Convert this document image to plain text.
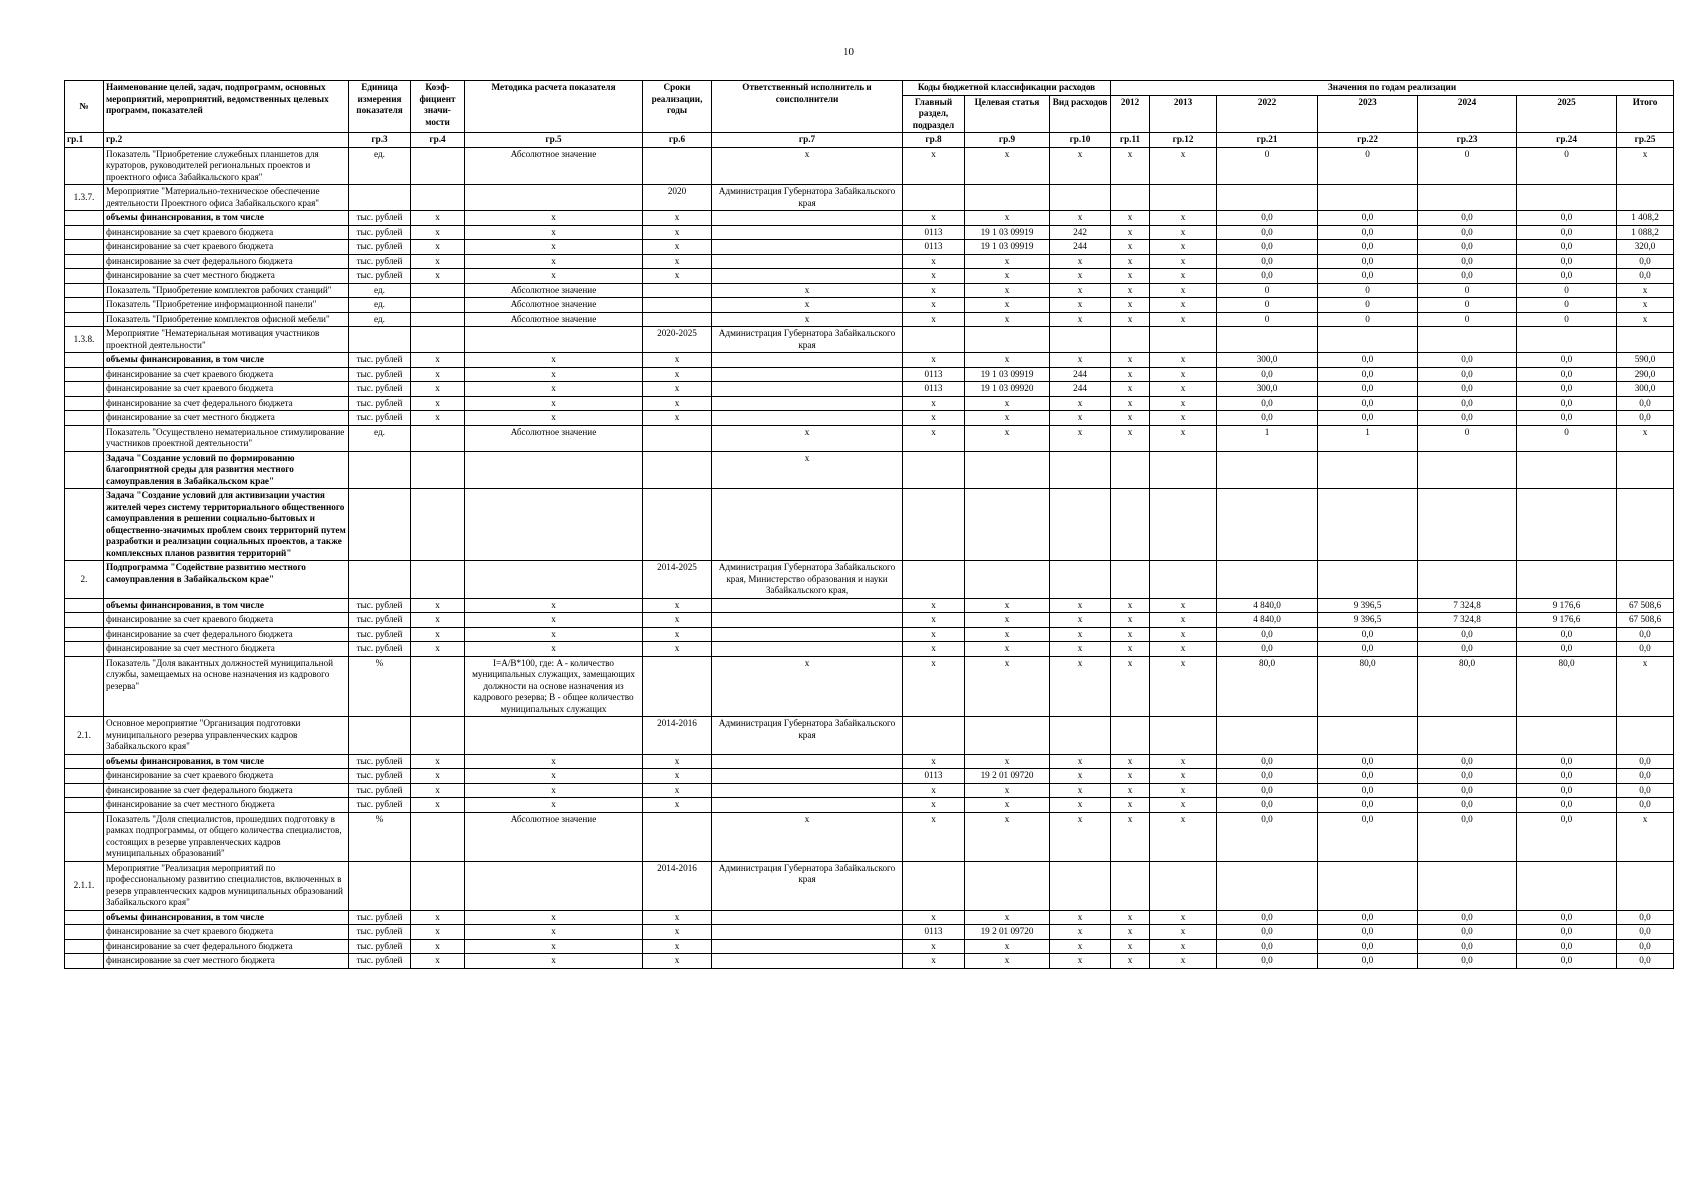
10
№	Наименование целей, задач, подпрограмм, основных мероприятий, мероприятий, ведомственных целевых программ, показателей	Единица измерения показателя	Коэф-фициент значи-мости	Методика расчета показателя	Сроки реализации, годы	Ответственный исполнитель и соисполнители	Коды бюджетной классификации расходов			Значения по годам реализации						
							Главный раздел, подраздел	Целевая статья	Вид расходов	2012	2013	2022	2023	2024	2025	Итого
гр.1	гр.2	гр.3	гр.4	гр.5	гр.6	гр.7	гр.8	гр.9	гр.10	гр.11	гр.12	гр.21	гр.22	гр.23	гр.24	гр.25
	Показатель "Приобретение служебных планшетов для кураторов, руководителей региональных проектов и проектного офиса Забайкальского края"	ед.		Абсолютное значение		х	х	х	х	х	х	0	0	0	0	х
1.3.7.	Мероприятие "Материально-техническое обеспечение деятельности Проектного офиса Забайкальского края"				2020	Администрация Губернатора Забайкальского края										
	объемы финансирования, в том числе	тыс. рублей	х	х	х		х	х	х	х	х	0,0	0,0	0,0	0,0	1 408,2
	финансирование за счет краевого бюджета	тыс. рублей	х	х	х		0113	19 1 03 09919	242	х	х	0,0	0,0	0,0	0,0	1 088,2
	финансирование за счет краевого бюджета	тыс. рублей	х	х	х		0113	19 1 03 09919	244	х	х	0,0	0,0	0,0	0,0	320,0
	финансирование за счет федерального бюджета	тыс. рублей	х	х	х		х	х	х	х	х	0,0	0,0	0,0	0,0	0,0
	финансирование за счет местного бюджета	тыс. рублей	х	х	х		х	х	х	х	х	0,0	0,0	0,0	0,0	0,0
	Показатель "Приобретение комплектов рабочих станций"	ед.		Абсолютное значение		х	х	х	х	х	х	0	0	0	0	х
	Показатель "Приобретение информационной панели"	ед.		Абсолютное значение		х	х	х	х	х	х	0	0	0	0	х
	Показатель "Приобретение комплектов офисной мебели"	ед.		Абсолютное значение		х	х	х	х	х	х	0	0	0	0	х
1.3.8.	Мероприятие "Нематериальная мотивация участников проектной деятельности"				2020-2025	Администрация Губернатора Забайкальского края										
	объемы финансирования, в том числе	тыс. рублей	х	х	х		х	х	х	х	х	300,0	0,0	0,0	0,0	590,0
	финансирование за счет краевого бюджета	тыс. рублей	х	х	х		0113	19 1 03 09919	244	х	х	0,0	0,0	0,0	0,0	290,0
	финансирование за счет краевого бюджета	тыс. рублей	х	х	х		0113	19 1 03 09920	244	х	х	300,0	0,0	0,0	0,0	300,0
	финансирование за счет федерального бюджета	тыс. рублей	х	х	х		х	х	х	х	х	0,0	0,0	0,0	0,0	0,0
	финансирование за счет местного бюджета	тыс. рублей	х	х	х		х	х	х	х	х	0,0	0,0	0,0	0,0	0,0
	Показатель "Осуществлено нематериальное стимулирование участников проектной деятельности"	ед.		Абсолютное значение		х	х	х	х	х	х	1	1	0	0	х
	Задача "Создание условий по формированию благоприятной среды для развития местного самоуправления в Забайкальском крае"					х										
	Задача "Создание условий для активизации участия жителей через систему территориального общественного самоуправления в решении социально-бытовых и общественно-значимых проблем своих территорий путем разработки и реализации социальных проектов, а также комплексных планов развития территорий"															
2.	Подпрограмма "Содействие развитию местного самоуправления в Забайкальском крае"				2014-2025	Администрация Губернатора Забайкальского края, Министерство образования и науки Забайкальского края,										
	объемы финансирования, в том числе	тыс. рублей	х	х	х		х	х	х	х	х	4 840,0	9 396,5	7 324,8	9 176,6	67 508,6
	финансирование за счет краевого бюджета	тыс. рублей	х	х	х		х	х	х	х	х	4 840,0	9 396,5	7 324,8	9 176,6	67 508,6
	финансирование за счет федерального бюджета	тыс. рублей	х	х	х		х	х	х	х	х	0,0	0,0	0,0	0,0	0,0
	финансирование за счет местного бюджета	тыс. рублей	х	х	х		х	х	х	х	х	0,0	0,0	0,0	0,0	0,0
	Показатель "Доля вакантных должностей муниципальной службы, замещаемых на основе назначения из кадрового резерва"	%		I=A/B*100, где: A - количество муниципальных служащих, замещающих должности на основе назначения из кадрового резерва; B - общее количество муниципальных служащих		х	х	х	х	х	х	80,0	80,0	80,0	80,0	х
2.1.	Основное мероприятие "Организация подготовки муниципального резерва управленческих кадров Забайкальского края"				2014-2016	Администрация Губернатора Забайкальского края										
	объемы финансирования, в том числе	тыс. рублей	х	х	х		х	х	х	х	х	0,0	0,0	0,0	0,0	0,0
	финансирование за счет краевого бюджета	тыс. рублей	х	х	х		0113	19 2 01 09720	х	х	х	0,0	0,0	0,0	0,0	0,0
	финансирование за счет федерального бюджета	тыс. рублей	х	х	х		х	х	х	х	х	0,0	0,0	0,0	0,0	0,0
	финансирование за счет местного бюджета	тыс. рублей	х	х	х		х	х	х	х	х	0,0	0,0	0,0	0,0	0,0
	Показатель "Доля специалистов, прошедших подготовку в рамках подпрограммы, от общего количества специалистов, состоящих в резерве управленческих кадров муниципальных образований"	%		Абсолютное значение		х	х	х	х	х	х	0,0	0,0	0,0	0,0	х
2.1.1.	Мероприятие "Реализация мероприятий по профессиональному развитию специалистов, включенных в резерв управленческих кадров муниципальных образований Забайкальского края"				2014-2016	Администрация Губернатора Забайкальского края										
	объемы финансирования, в том числе	тыс. рублей	х	х	х		х	х	х	х	х	0,0	0,0	0,0	0,0	0,0
	финансирование за счет краевого бюджета	тыс. рублей	х	х	х		0113	19 2 01 09720	х	х	х	0,0	0,0	0,0	0,0	0,0
	финансирование за счет федерального бюджета	тыс. рублей	х	х	х		х	х	х	х	х	0,0	0,0	0,0	0,0	0,0
	финансирование за счет местного бюджета	тыс. рублей	х	х	х		х	х	х	х	х	0,0	0,0	0,0	0,0	0,0
